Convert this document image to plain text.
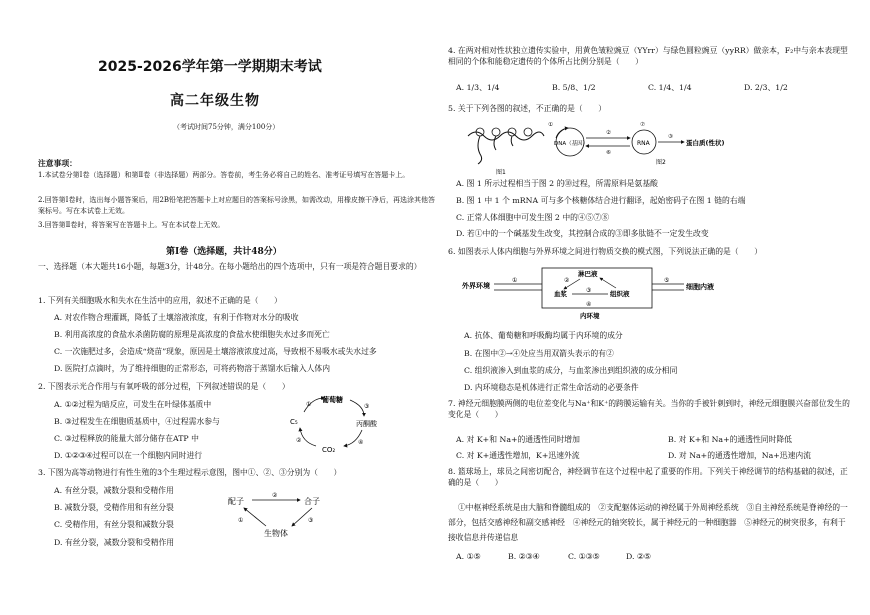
2025-2026学年第一学期期末考试
高二年级生物
（考试时间75分钟，满分100分）
注意事项：
1.本试卷分第Ⅰ卷（选择题）和第Ⅱ卷（非选择题）两部分。答卷前，考生务必将自己的姓名、准考证号填写在答题卡上。
2.回答第Ⅰ卷时，选出每小题答案后，用2B铅笔把答题卡上对应题目的答案标号涂黑，如需改动，用橡皮擦干净后，再选涂其他答案标号。写在本试卷上无效。
3.回答第Ⅱ卷时，将答案写在答题卡上。写在本试卷上无效。
第Ⅰ卷（选择题，共计48分）
一、选择题（本大题共16小题，每题3分，计48分。在每小题给出的四个选项中，只有一项是符合题目要求的）
1. 下列有关细胞吸水和失水在生活中的应用，叙述不正确的是（　　）
A. 对农作物合理灌溉，降低了土壤溶液浓度，有利于作物对水分的吸收
B. 利用高浓度的食盐水杀菌防腐的原理是高浓度的食盐水使细胞失水过多而死亡
C. 一次施肥过多，会造成“烧苗”现象，原因是土壤溶液浓度过高，导致根不易吸水或失水过多
D. 医院打点滴时，为了维持细胞的正常形态，可将药物溶于蒸馏水后输入人体内
2. 下图表示光合作用与有氧呼吸的部分过程，下列叙述错误的是（　　）
A. ①②过程为暗反应，可发生在叶绿体基质中
B. ③过程发生在细胞质基质中，④过程需水参与
C. ③过程释放的能量大部分储存在ATP 中
D. ①②③④过程可以在一个细胞内同时进行
葡萄糖
C₅	丙酮酸
CO₂
①	③
④
②
3. 下图为高等动物进行有性生殖的3个生理过程示意图，图中①、②、③分别为（　　）
A. 有丝分裂，减数分裂和受精作用
B. 减数分裂，受精作用和有丝分裂
C. 受精作用，有丝分裂和减数分裂
D. 有丝分裂，减数分裂和受精作用
配子	合子
生物体
②
③
①
4. 在两对相对性状独立遗传实验中，用黄色皱粒豌豆（YYrr）与绿色圆粒豌豆（yyRR）做亲本，F₂中与亲本表现型相同的个体和能稳定遗传的个体所占比例分别是（　　）
A. 1/3、1/4	B. 5/8、1/2	C. 1/4、1/4	D. 2/3、1/2
5. 关于下列各图的叙述，不正确的是（　　）
图1
DNA（基因）
①
②
⑥
RNA
⑦
③
蛋白质(性状)
图2
A. 图 1 所示过程相当于图 2 的⑩过程，所需原料是氨基酸
B. 图 1 中 1 个 mRNA 可与多个核糖体结合进行翻译，起始密码子在图 1 链的右端
C. 正常人体细胞中可发生图 2 中的④⑤⑦⑧
D. 若①中的一个碱基发生改变，其控制合成的③即多肽链不一定发生改变
6. 如图表示人体内细胞与外界环境之间进行物质交换的模式图，下列说法正确的是（　　）
外界环境
①
淋巴液
血浆	组织液
②
③
④
内环境
⑤
细胞内液
A. 抗体、葡萄糖和呼吸酶均属于内环境的成分
B. 在图中②→④处应当用双箭头表示的有②
C. 组织液渗入到血浆的成分，与血浆渗出到组织液的成分相同
D. 内环境稳态是机体进行正常生命活动的必要条件
7. 神经元细胞膜两侧的电位差变化与Na⁺和K⁺的跨膜运输有关。当你的手被针刺到时，神经元细胞膜兴奋部位发生的变化是（　　）
A. 对 K+和 Na+的通透性同时增加	B. 对 K+和 Na+的通透性同时降低
C. 对 K+通透性增加，K+迅速外流	D. 对 Na+的通透性增加，Na+迅速内流
8. 篮球场上，球员之间密切配合，神经调节在这个过程中起了重要的作用。下列关于神经调节的结构基础的叙述，正确的是（　　）
①中枢神经系统是由大脑和脊髓组成的　②支配躯体运动的神经属于外周神经系统　③自主神经系统是脊神经的一部分，包括交感神经和副交感神经　④神经元的轴突较长，属于神经元的一种细胞器　⑤神经元的树突很多，有利于接收信息并传递信息
A. ①⑤	B. ②③④	C. ①③⑤	D. ②⑤
